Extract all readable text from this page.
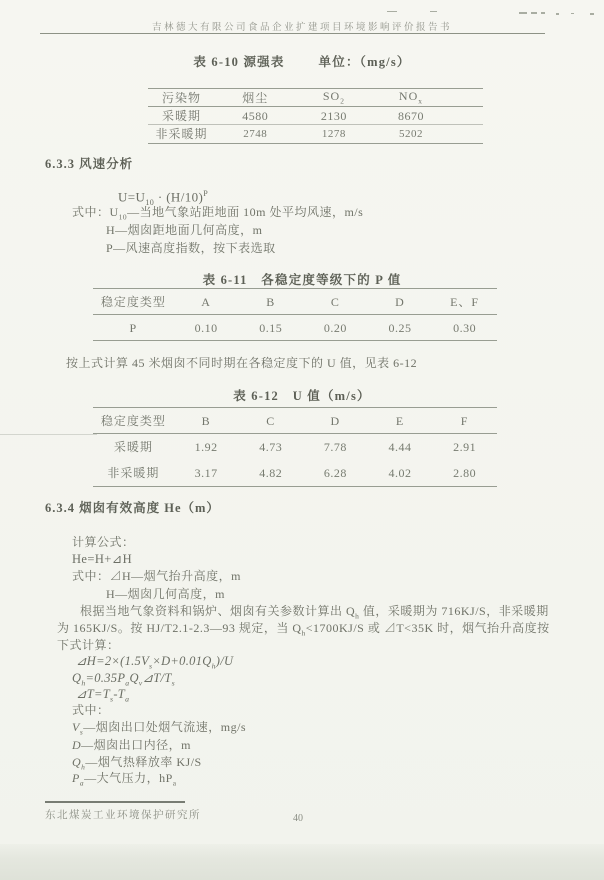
吉林德大有限公司食品企业扩建项目环境影响评价报告书
表 6-10 源强表	单位：（mg/s）
污染物	烟尘	$SO_2$	$NO_x$
采暖期	4580	2130	8670
非采暖期	2748	1278	5202
6.3.3 风速分析
$U=U_{10} \cdot (H/10)^P$
式中：$U_{10}—$当地气象站距地面 10m 处平均风速，m/s
H—烟囱距地面几何高度，m
P—风速高度指数，按下表选取
表 6-11　各稳定度等级下的 P 值
稳定度类型	A	B	C	D	E、F
P	0.10	0.15	0.20	0.25	0.30
按上式计算 45 米烟囱不同时期在各稳定度下的 U 值，见表 6-12
表 6-12　U 值（m/s）
稳定度类型	B	C	D	E	F
采暖期	1.92	4.73	7.78	4.44	2.91
非采暖期	3.17	4.82	6.28	4.02	2.80
6.3.4 烟囱有效高度 He（m）
计算公式：
He=H+⊿H
式中：⊿H—烟气抬升高度，m
H—烟囱几何高度，m
根据当地气象资料和锅炉、烟囱有关参数计算出 $Q_h$ 值，采暖期为 716KJ/S，非采暖期
为 165KJ/S。按 HJ/T2.1-2.3—93 规定，当 $Q_h<1700KJ/S$ 或 ⊿T<35K 时，烟气抬升高度按
下式计算：
$⊿H=2\times(1.5V_s\times D+0.01Q_h)/U$
$Q_h=0.35P_aQ_v⊿T/T_s$
$⊿T=T_s-T_a$
式中：
$V_s—$烟囱出口处烟气流速，mg/s
D—烟囱出口内径，m
$Q_h—$烟气热释放率 KJ/S
$P_a—$大气压力，$hP_a$
东北煤炭工业环境保护研究所	40
